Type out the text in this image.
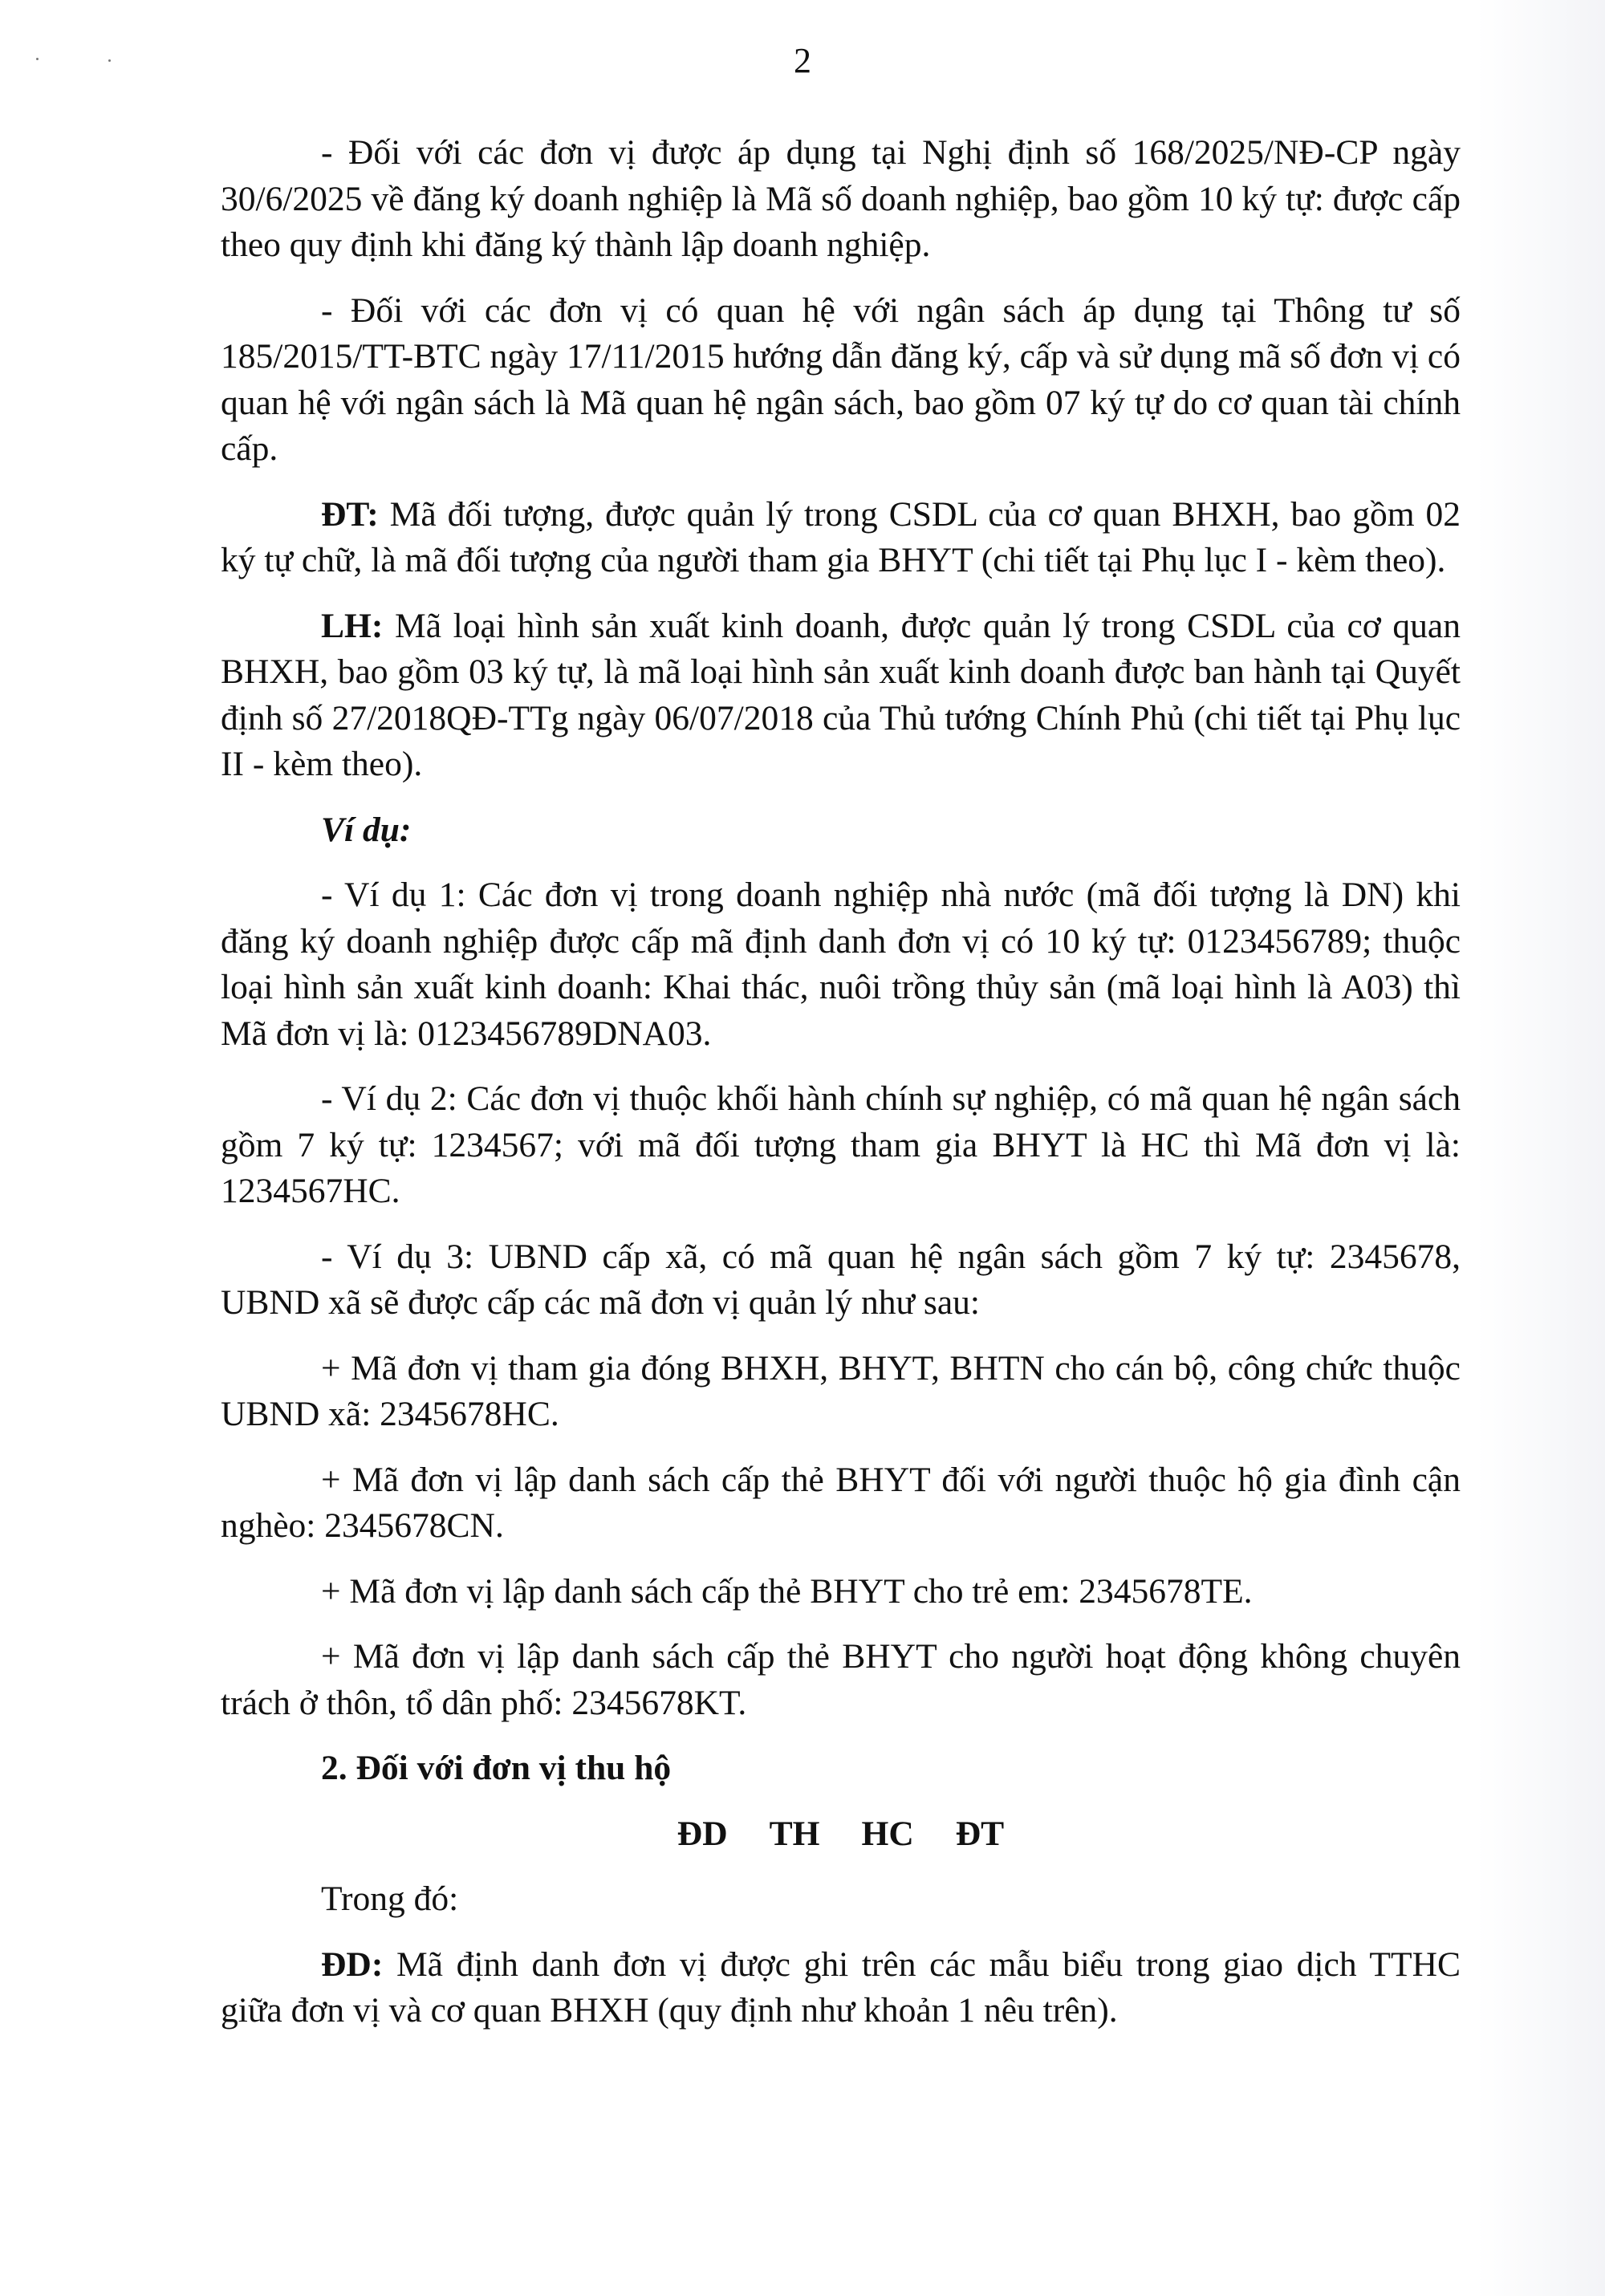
2

- Đối với các đơn vị được áp dụng tại Nghị định số 168/2025/NĐ-CP ngày 30/6/2025 về đăng ký doanh nghiệp là Mã số doanh nghiệp, bao gồm 10 ký tự: được cấp theo quy định khi đăng ký thành lập doanh nghiệp.

- Đối với các đơn vị có quan hệ với ngân sách áp dụng tại Thông tư số 185/2015/TT-BTC ngày 17/11/2015 hướng dẫn đăng ký, cấp và sử dụng mã số đơn vị có quan hệ với ngân sách là Mã quan hệ ngân sách, bao gồm 07 ký tự do cơ quan tài chính cấp.

ĐT: Mã đối tượng, được quản lý trong CSDL của cơ quan BHXH, bao gồm 02 ký tự chữ, là mã đối tượng của người tham gia BHYT (chi tiết tại Phụ lục I - kèm theo).

LH: Mã loại hình sản xuất kinh doanh, được quản lý trong CSDL của cơ quan BHXH, bao gồm 03 ký tự, là mã loại hình sản xuất kinh doanh được ban hành tại Quyết định số 27/2018QĐ-TTg ngày 06/07/2018 của Thủ tướng Chính Phủ (chi tiết tại Phụ lục II - kèm theo).

Ví dụ:

- Ví dụ 1: Các đơn vị trong doanh nghiệp nhà nước (mã đối tượng là DN) khi đăng ký doanh nghiệp được cấp mã định danh đơn vị có 10 ký tự: 0123456789; thuộc loại hình sản xuất kinh doanh: Khai thác, nuôi trồng thủy sản (mã loại hình là A03) thì Mã đơn vị là: 0123456789DNA03.

- Ví dụ 2: Các đơn vị thuộc khối hành chính sự nghiệp, có mã quan hệ ngân sách gồm 7 ký tự: 1234567; với mã đối tượng tham gia BHYT là HC thì Mã đơn vị là: 1234567HC.

- Ví dụ 3: UBND cấp xã, có mã quan hệ ngân sách gồm 7 ký tự: 2345678, UBND xã sẽ được cấp các mã đơn vị quản lý như sau:

+ Mã đơn vị tham gia đóng BHXH, BHYT, BHTN cho cán bộ, công chức thuộc UBND xã: 2345678HC.

+ Mã đơn vị lập danh sách cấp thẻ BHYT đối với người thuộc hộ gia đình cận nghèo: 2345678CN.

+ Mã đơn vị lập danh sách cấp thẻ BHYT cho trẻ em: 2345678TE.

+ Mã đơn vị lập danh sách cấp thẻ BHYT cho người hoạt động không chuyên trách ở thôn, tổ dân phố: 2345678KT.

2. Đối với đơn vị thu hộ

ĐD TH HC ĐT

Trong đó:

ĐD: Mã định danh đơn vị được ghi trên các mẫu biểu trong giao dịch TTHC giữa đơn vị và cơ quan BHXH (quy định như khoản 1 nêu trên).
